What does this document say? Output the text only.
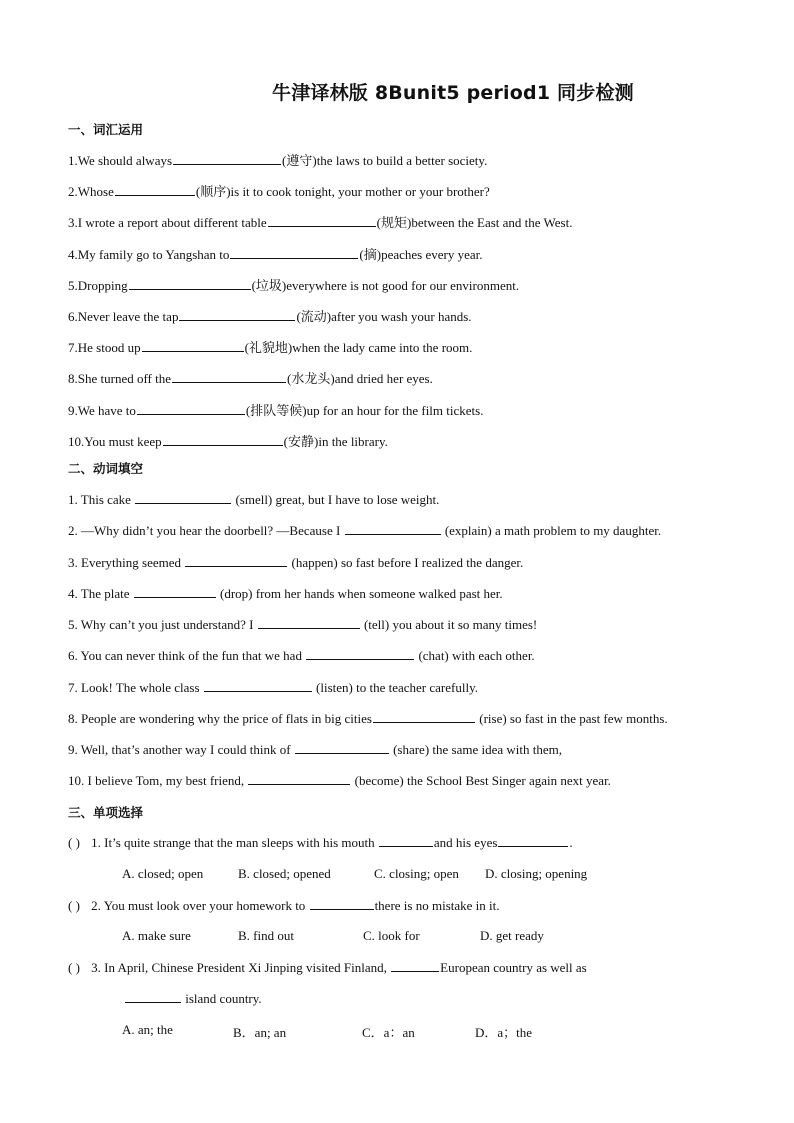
牛津译林版 8Bunit5 period1 同步检测
一、词汇运用
1.We should always	(遵守)the laws to build a better society.
2.Whose	(顺序)is it to cook tonight, your mother or your brother?
3.I wrote a report about different table	(规矩)between the East and the West.
4.My family go to Yangshan to	(摘)peaches every year.
5.Dropping	(垃圾)everywhere is not good for our environment.
6.Never leave the tap	(流动)after you wash your hands.
7.He stood up	(礼貌地)when the lady came into the room.
8.She turned off the	(水龙头)and dried her eyes.
9.We have to	(排队等候)up for an hour for the film tickets.
10.You must keep	(安静)in the library.
二、动词填空
1. This cake	(smell) great, but I have to lose weight.
2. —Why didn’t you hear the doorbell? —Because I	(explain) a math problem to my daughter.
3. Everything seemed	(happen) so fast before I realized the danger.
4. The plate	(drop) from her hands when someone walked past her.
5. Why can’t you just understand? I	(tell) you about it so many times!
6. You can never think of the fun that we had	(chat) with each other.
7. Look! The whole class	(listen) to the teacher carefully.
8. People are wondering why the price of flats in big cities	(rise) so fast in the past few months.
9. Well, that’s another way I could think of	(share) the same idea with them,
10. I believe Tom, my best friend,	(become) the School Best Singer again next year.
三、单项选择
( ) 1. It’s quite strange that the man sleeps with his mouth	and his eyes	.
A. closed; open	B. closed; opened	C. closing; open D. closing; opening
( ) 2. You must look over your homework to	there is no mistake in it.
A. make sure	B. find out	C. look for	D. get ready
( ) 3. In April, Chinese President Xi Jinping visited Finland,	European country as well as
island country.
A. an; the	B．an; an	C．a：an	D．a；the
